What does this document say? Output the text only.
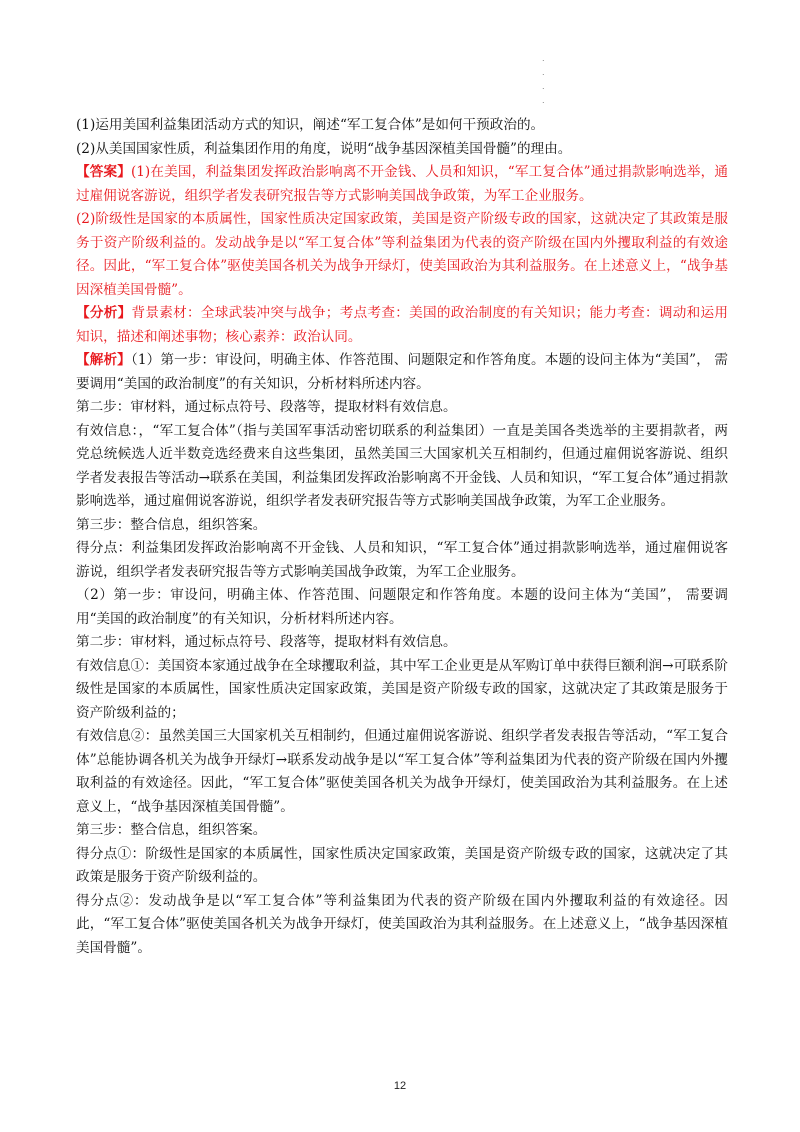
.
.
.
.

(1)运用美国利益集团活动方式的知识，阐述“军工复合体”是如何干预政治的。

(2)从美国国家性质，利益集团作用的角度，说明“战争基因深植美国骨髓”的理由。

【答案】(1)在美国，利益集团发挥政治影响离不开金钱、人员和知识，“军工复合体”通过捐款影响选举，通过雇佣说客游说，组织学者发表研究报告等方式影响美国战争政策，为军工企业服务。

(2)阶级性是国家的本质属性，国家性质决定国家政策，美国是资产阶级专政的国家，这就决定了其政策是服务于资产阶级利益的。发动战争是以“军工复合体”等利益集团为代表的资产阶级在国内外攫取利益的有效途径。因此，“军工复合体”驱使美国各机关为战争开绿灯，使美国政治为其利益服务。在上述意义上，“战争基因深植美国骨髓”。

【分析】背景素材：全球武装冲突与战争；考点考查：美国的政治制度的有关知识；能力考查：调动和运用知识，描述和阐述事物；核心素养：政治认同。

【解析】（1）第一步：审设问，明确主体、作答范围、问题限定和作答角度。本题的设问主体为“美国”， 需要调用“美国的政治制度”的有关知识，分析材料所述内容。

第二步：审材料，通过标点符号、段落等，提取材料有效信息。

有效信息：，“军工复合体”（指与美国军事活动密切联系的利益集团）一直是美国各类选举的主要捐款者，两党总统候选人近半数竞选经费来自这些集团，虽然美国三大国家机关互相制约，但通过雇佣说客游说、组织学者发表报告等活动→联系在美国，利益集团发挥政治影响离不开金钱、人员和知识，“军工复合体”通过捐款影响选举，通过雇佣说客游说，组织学者发表研究报告等方式影响美国战争政策，为军工企业服务。

第三步：整合信息，组织答案。

得分点：利益集团发挥政治影响离不开金钱、人员和知识，“军工复合体”通过捐款影响选举，通过雇佣说客游说，组织学者发表研究报告等方式影响美国战争政策，为军工企业服务。

（2）第一步：审设问，明确主体、作答范围、问题限定和作答角度。本题的设问主体为“美国”， 需要调用“美国的政治制度”的有关知识，分析材料所述内容。

第二步：审材料，通过标点符号、段落等，提取材料有效信息。

有效信息①：美国资本家通过战争在全球攫取利益，其中军工企业更是从军购订单中获得巨额利润→可联系阶级性是国家的本质属性，国家性质决定国家政策，美国是资产阶级专政的国家，这就决定了其政策是服务于资产阶级利益的；

有效信息②：虽然美国三大国家机关互相制约，但通过雇佣说客游说、组织学者发表报告等活动，“军工复合体”总能协调各机关为战争开绿灯→联系发动战争是以“军工复合体”等利益集团为代表的资产阶级在国内外攫取利益的有效途径。因此，“军工复合体”驱使美国各机关为战争开绿灯，使美国政治为其利益服务。在上述意义上，“战争基因深植美国骨髓”。

第三步：整合信息，组织答案。

得分点①：阶级性是国家的本质属性，国家性质决定国家政策，美国是资产阶级专政的国家，这就决定了其政策是服务于资产阶级利益的。

得分点②：发动战争是以“军工复合体”等利益集团为代表的资产阶级在国内外攫取利益的有效途径。因此，“军工复合体”驱使美国各机关为战争开绿灯，使美国政治为其利益服务。在上述意义上，“战争基因深植美国骨髓”。

12
